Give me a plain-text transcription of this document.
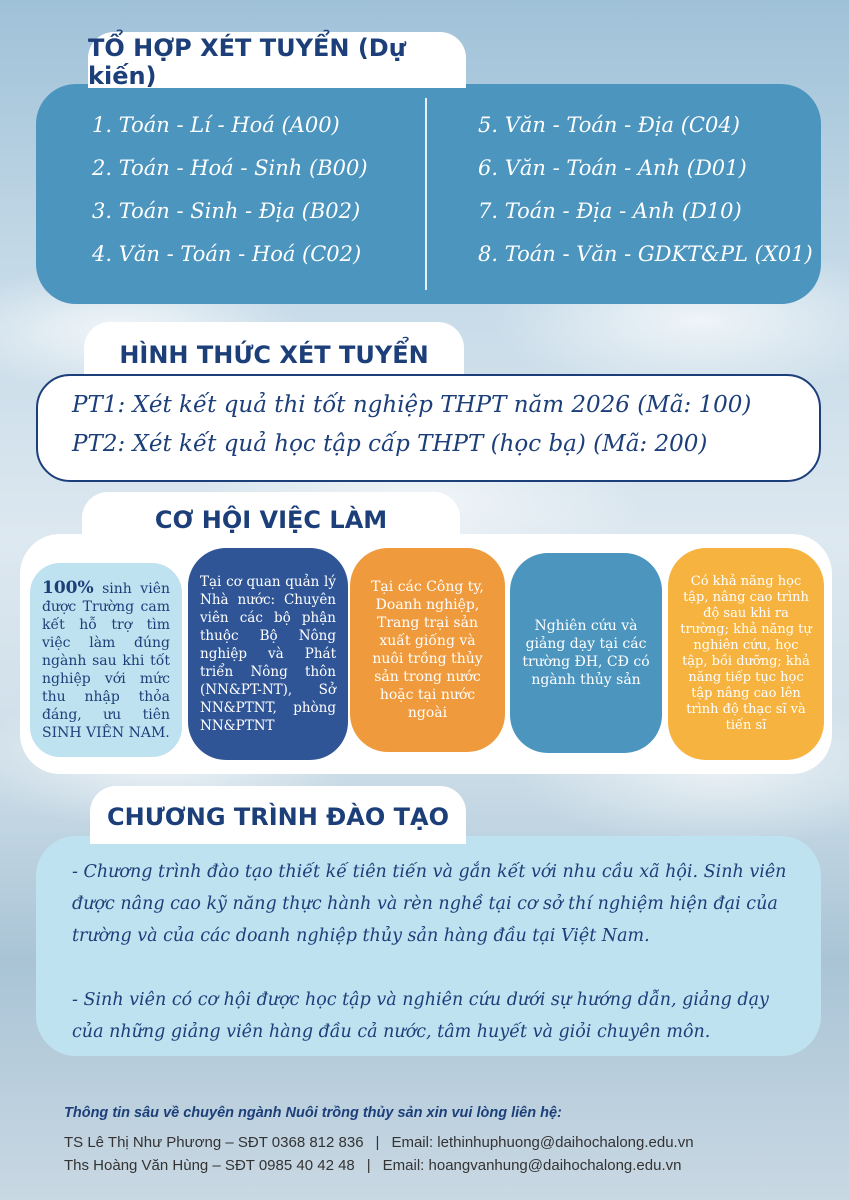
1. Toán - Lí - Hoá (A00)
2. Toán - Hoá - Sinh (B00)
3. Toán - Sinh - Địa (B02)
4. Văn - Toán - Hoá (C02)
5. Văn - Toán - Địa (C04)
6. Văn - Toán - Anh (D01)
7. Toán - Địa - Anh (D10)
8. Toán - Văn - GDKT&PL (X01)
TỔ HỢP XÉT TUYỂN (Dự kiến)
HÌNH THỨC XÉT TUYỂN
PT1: Xét kết quả thi tốt nghiệp THPT năm 2026 (Mã: 100)
PT2: Xét kết quả học tập cấp THPT (học bạ) (Mã: 200)
CƠ HỘI VIỆC LÀM
100% sinh viên được Trường cam kết hỗ trợ tìm việc làm đúng ngành sau khi tốt nghiệp với mức thu nhập thỏa đáng, ưu tiên SINH VIÊN NAM.
Tại cơ quan quản lý Nhà nước: Chuyên viên các bộ phận thuộc Bộ Nông nghiệp và Phát triển Nông thôn (NN&PT-NT), Sở NN&PTNT, phòng NN&PTNT
Tại các Công ty, Doanh nghiệp, Trang trại sản xuất giống và nuôi trồng thủy sản trong nước hoặc tại nước ngoài
Nghiên cứu và giảng dạy tại các trường ĐH, CĐ có ngành thủy sản
Có khả năng học tập, nâng cao trình độ sau khi ra trường; khả năng tự nghiên cứu, học tập, bồi dưỡng; khả năng tiếp tục học tập nâng cao lên trình độ thạc sĩ và tiến sĩ

- Chương trình đào tạo thiết kế tiên tiến và gắn kết với nhu cầu xã hội. Sinh viên được nâng cao kỹ năng thực hành và rèn nghề tại cơ sở thí nghiệm hiện đại của trường và của các doanh nghiệp thủy sản hàng đầu tại Việt Nam.

- Sinh viên có cơ hội được học tập và nghiên cứu dưới sự hướng dẫn, giảng dạy của những giảng viên hàng đầu cả nước, tâm huyết và giỏi chuyên môn.

CHƯƠNG TRÌNH ĐÀO TẠO
Thông tin sâu về chuyên ngành Nuôi trồng thủy sản xin vui lòng liên hệ:
TS Lê Thị Như Phương – SĐT 0368 812 836 | Email: lethinhuphuong@daihochalong.edu.vn
Ths Hoàng Văn Hùng – SĐT 0985 40 42 48 | Email: hoangvanhung@daihochalong.edu.vn
